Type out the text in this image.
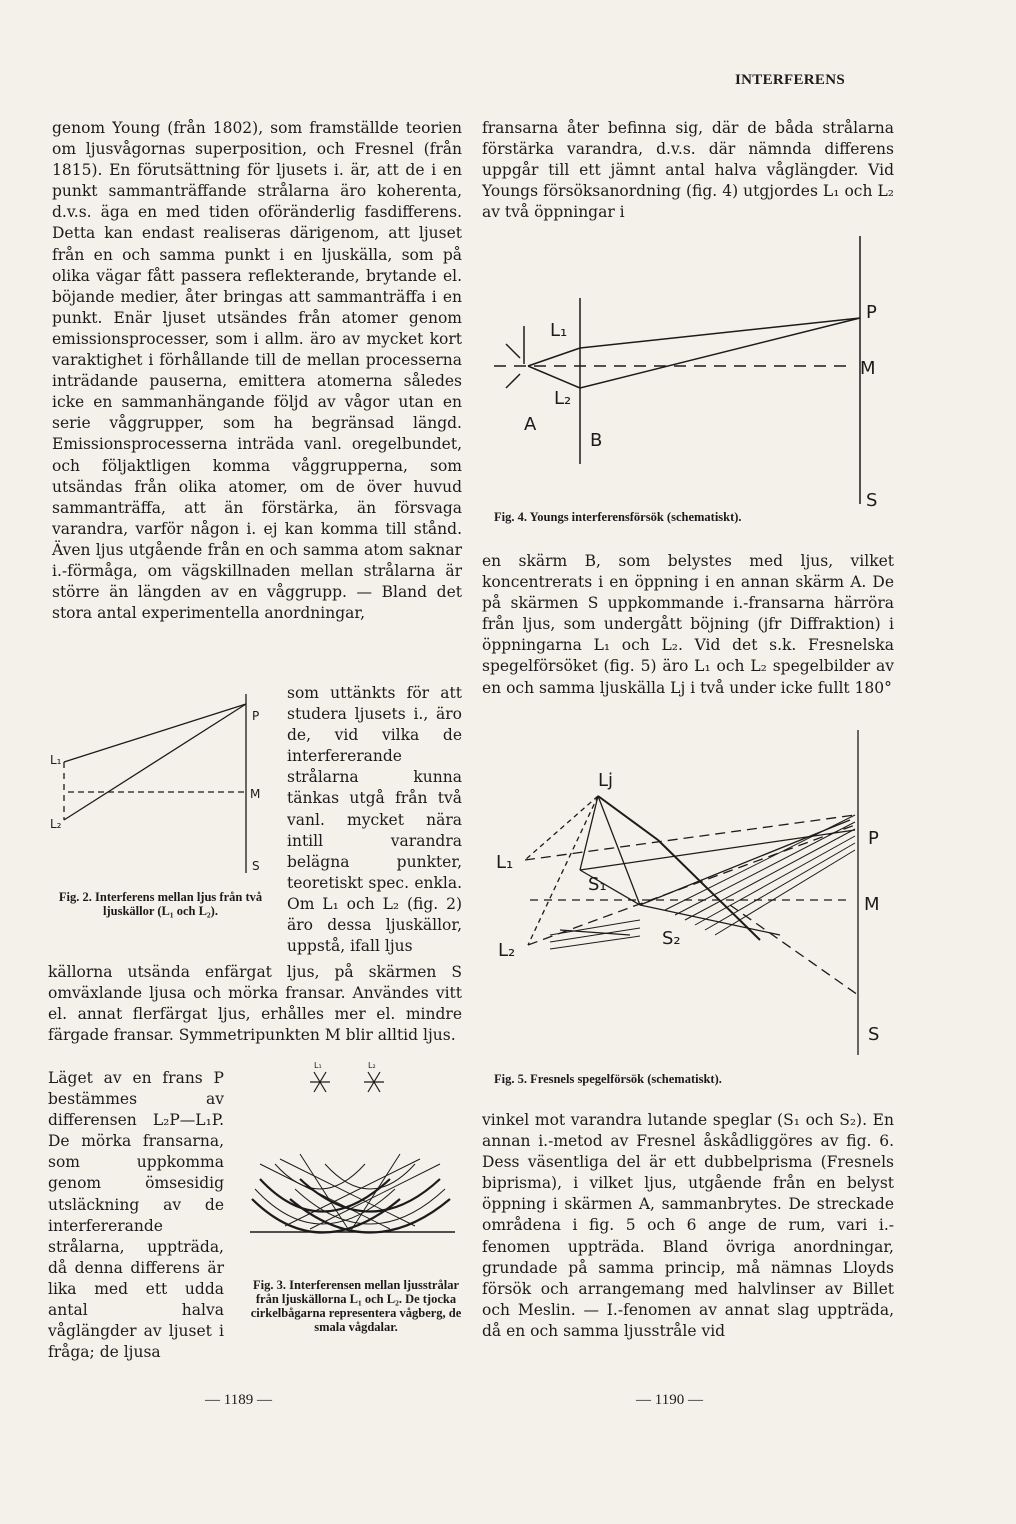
INTERFERENS

genom Young (från 1802), som framställde teorien om ljusvågornas superposition, och Fresnel (från 1815). En förutsättning för ljusets i. är, att de i en punkt sammanträffande strålarna äro koherenta, d.v.s. äga en med tiden oföränderlig fasdifferens. Detta kan endast realiseras därigenom, att ljuset från en och samma punkt i en ljuskälla, som på olika vägar fått passera reflekterande, brytande el. böjande medier, åter bringas att sammanträffa i en punkt. Enär ljuset utsändes från atomer genom emissionsprocesser, som i allm. äro av mycket kort varaktighet i förhållande till de mellan processerna inträdande pauserna, emittera atomerna således icke en sammanhängande följd av vågor utan en serie våggrupper, som ha begränsad längd. Emissionsprocesserna inträda vanl. oregelbundet, och följaktligen komma våggrupperna, som utsändas från olika atomer, om de över huvud sammanträffa, att än förstärka, än försvaga varandra, varför någon i. ej kan komma till stånd. Även ljus utgående från en och samma atom saknar i.-förmåga, om vägskillnaden mellan strålarna är större än längden av en våggrupp. — Bland det stora antal experimentella anordningar,

som uttänkts för att studera ljusets i., äro de, vid vilka de interfererande strålarna kunna tänkas utgå från två vanl. mycket nära intill varandra belägna punkter, teoretiskt spec. enkla. Om L₁ och L₂ (fig. 2) äro dessa ljuskällor, uppstå, ifall ljus
källorna utsända enfärgat ljus, på skärmen S omväxlande ljusa och mörka fransar. Användes vitt el. annat flerfärgat ljus, erhålles mer el. mindre färgade fransar. Symmetripunkten M blir alltid ljus.
Läget av en frans P bestämmes av differensen L₂P—L₁P. De mörka fransarna, som uppkomma genom ömsesidig utsläckning av de interfererande strålarna, uppträda, då denna differens är lika med ett udda antal halva våglängder av ljuset i fråga; de ljusa
L₁
L₂
P
M
S
Fig. 2. Interferens mellan ljus från två ljuskällor (L₁ och L₂).
L₁	L₂
Fig. 3. Interferensen mellan ljusstrålar från ljuskällorna L₁ och L₂. De tjocka cirkelbågarna representera vågberg, de smala vågdalar.
— 1189 —
fransarna åter befinna sig, där de båda strålarna förstärka varandra, d.v.s. där nämnda differens uppgår till ett jämnt antal halva våglängder. Vid Youngs försöksanordning (fig. 4) utgjordes L₁ och L₂ av två öppningar i
L₁
L₂
A
B
P
M
S
Fig. 4. Youngs interferensförsök (schematiskt).
en skärm B, som belystes med ljus, vilket koncentrerats i en öppning i en annan skärm A. De på skärmen S uppkommande i.-fransarna härröra från ljus, som undergått böjning (jfr Diffraktion) i öppningarna L₁ och L₂. Vid det s.k. Fresnelska spegelförsöket (fig. 5) äro L₁ och L₂ spegelbilder av en och samma ljuskälla Lj i två under icke fullt 180°
Lj
L₁
L₂
S₁
S₂
P
M
S
Fig. 5. Fresnels spegelförsök (schematiskt).
vinkel mot varandra lutande speglar (S₁ och S₂). En annan i.-metod av Fresnel åskådliggöres av fig. 6. Dess väsentliga del är ett dubbelprisma (Fresnels biprisma), i vilket ljus, utgående från en belyst öppning i skärmen A, sammanbrytes. De streckade områdena i fig. 5 och 6 ange de rum, vari i.-fenomen uppträda. Bland övriga anordningar, grundade på samma princip, må nämnas Lloyds försök och arrangemang med halvlinser av Billet och Meslin. — I.-fenomen av annat slag uppträda, då en och samma ljusstråle vid
— 1190 —
